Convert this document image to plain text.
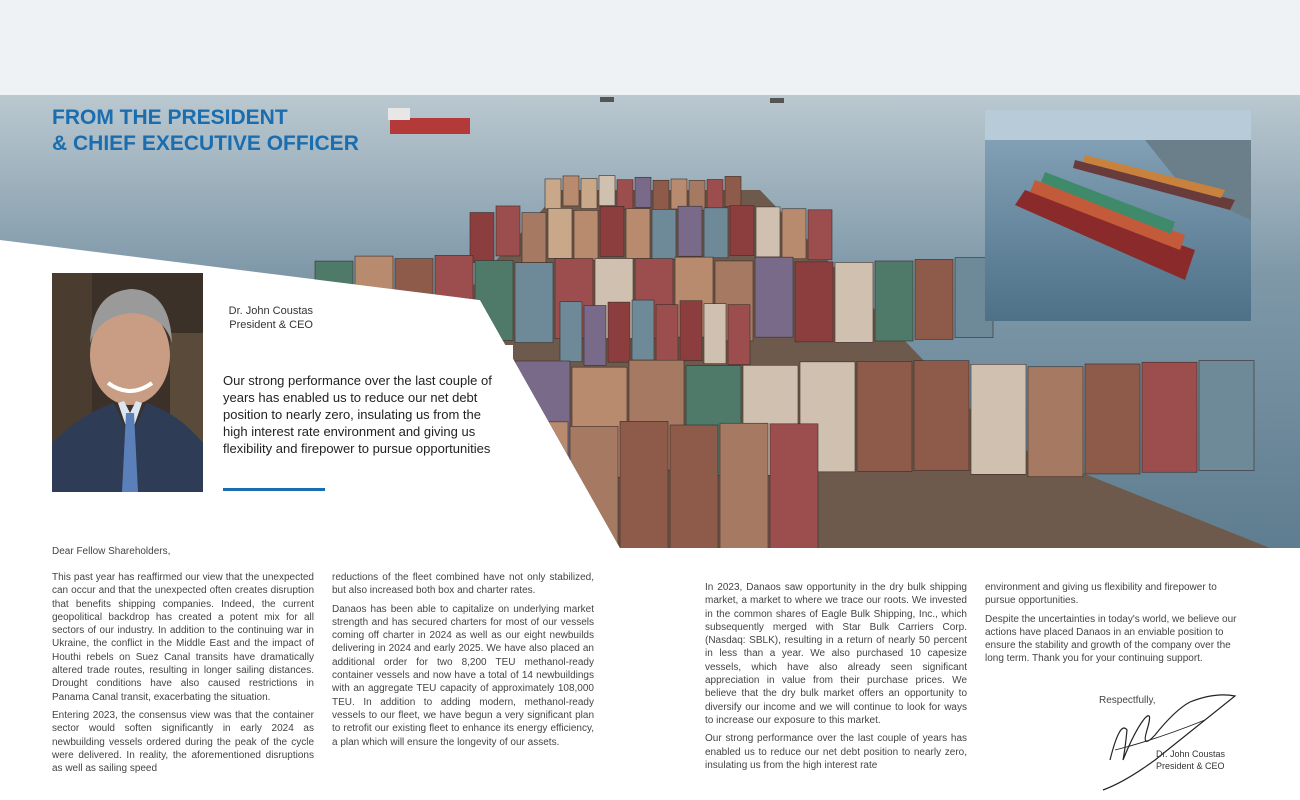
FROM THE PRESIDENT
& CHIEF EXECUTIVE OFFICER
Dr. John Coustas
President & CEO
Our strong performance over the last couple of years has enabled us to reduce our net debt position to nearly zero, insulating us from the high interest rate environment and giving us flexibility and firepower to pursue opportunities
Dear Fellow Shareholders,

This past year has reaffirmed our view that the unexpected can occur and that the unexpected often creates disruption that benefits shipping companies. Indeed, the current geopolitical backdrop has created a potent mix for all sectors of our industry. In addition to the continuing war in Ukraine, the conflict in the Middle East and the impact of Houthi rebels on Suez Canal transits have dramatically altered trade routes, resulting in longer sailing distances. Drought conditions have also caused restrictions in Panama Canal transit, exacerbating the situation.

Entering 2023, the consensus view was that the container sector would soften significantly in early 2024 as newbuilding vessels ordered during the peak of the cycle were delivered. In reality, the aforementioned disruptions as well as sailing speed

reductions of the fleet combined have not only stabilized, but also increased both box and charter rates.

Danaos has been able to capitalize on underlying market strength and has secured charters for most of our vessels coming off charter in 2024 as well as our eight newbuilds delivering in 2024 and early 2025. We have also placed an additional order for two 8,200 TEU methanol-ready container vessels and now have a total of 14 newbuildings with an aggregate TEU capacity of approximately 108,000 TEU. In addition to adding modern, methanol-ready vessels to our fleet, we have begun a very significant plan to retrofit our existing fleet to enhance its energy efficiency, a plan which will ensure the longevity of our assets.

In 2023, Danaos saw opportunity in the dry bulk shipping market, a market to where we trace our roots. We invested in the common shares of Eagle Bulk Shipping, Inc., which subsequently merged with Star Bulk Carriers Corp. (Nasdaq: SBLK), resulting in a return of nearly 50 percent in less than a year. We also purchased 10 capesize vessels, which have also already seen significant appreciation in value from their purchase prices. We believe that the dry bulk market offers an opportunity to diversify our income and we will continue to look for ways to increase our exposure to this market.

Our strong performance over the last couple of years has enabled us to reduce our net debt position to nearly zero, insulating us from the high interest rate

environment and giving us flexibility and firepower to pursue opportunities.

Despite the uncertainties in today's world, we believe our actions have placed Danaos in an enviable position to ensure the stability and growth of the company over the long term. Thank you for your continuing support.

Respectfully,
Dr. John Coustas
President & CEO
